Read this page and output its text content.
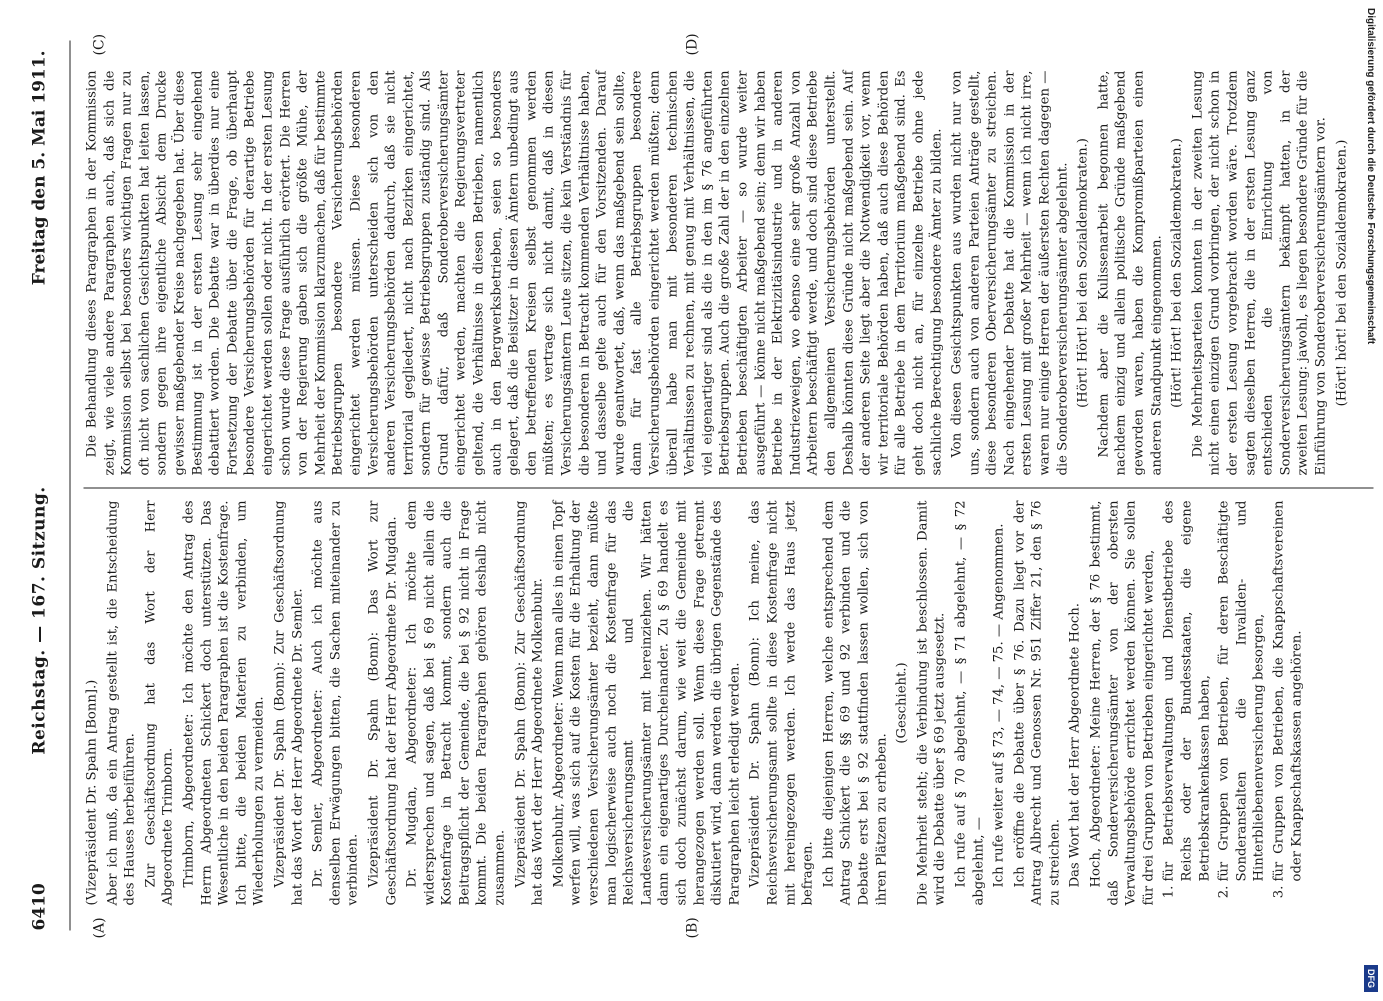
6410
Reichstag. — 167. Sitzung.
Freitag den 5. Mai 1911.
(A)	(B)
(C)	(D)

(Vizepräsident Dr. Spahn [Bonn].) Aber ich muß, da ein Antrag gestellt ist, die Entscheidung des Hauses herbeiführen. Zur Geschäftsordnung hat das Wort der Herr Abgeordnete Trimborn. Trimborn, Abgeordneter: Ich möchte den Antrag des Herrn Abgeordneten Schickert doch unterstützen. Das Wesentliche in den beiden Paragraphen ist die Kostenfrage. Ich bitte, die beiden Materien zu verbinden, um Wiederholungen zu vermeiden. Vizepräsident Dr. Spahn (Bonn): Zur Geschäftsordnung hat das Wort der Herr Abgeordnete Dr. Semler. Dr. Semler, Abgeordneter: Auch ich möchte aus denselben Erwägungen bitten, die Sachen miteinander zu verbinden. Vizepräsident Dr. Spahn (Bonn): Das Wort zur Geschäftsordnung hat der Herr Abgeordnete Dr. Mugdan. Dr. Mugdan, Abgeordneter: Ich möchte dem widersprechen und sagen, daß bei § 69 nicht allein die Kostenfrage in Betracht kommt, sondern auch die Beitragspflicht der Gemeinde, die bei § 92 nicht in Frage kommt. Die beiden Paragraphen gehören deshalb nicht zusammen. Vizepräsident Dr. Spahn (Bonn): Zur Geschäftsordnung hat das Wort der Herr Abgeordnete Molkenbuhr. Molkenbuhr, Abgeordneter: Wenn man alles in einen Topf werfen will, was sich auf die Kosten für die Erhaltung der verschiedenen Versicherungsämter bezieht, dann müßte man logischerweise auch noch die Kostenfrage für das Reichsversicherungsamt und die Landesversicherungsämter mit hereinziehen. Wir hätten dann ein eigenartiges Durcheinander. Zu § 69 handelt es sich doch zunächst darum, wie weit die Gemeinde mit herangezogen werden soll. Wenn diese Frage getrennt diskutiert wird, dann werden die übrigen Gegenstände des Paragraphen leicht erledigt werden. Vizepräsident Dr. Spahn (Bonn): Ich meine, das Reichsversicherungsamt sollte in diese Kostenfrage nicht mit hereingezogen werden. Ich werde das Haus jetzt befragen. Ich bitte diejenigen Herren, welche entsprechend dem Antrag Schickert die §§ 69 und 92 verbinden und die Debatte erst bei § 92 stattfinden lassen wollen, sich von ihren Plätzen zu erheben.

(Geschieht.) Die Mehrheit steht; die Verbindung ist beschlossen. Damit wird die Debatte über § 69 jetzt ausgesetzt. Ich rufe auf § 70 abgelehnt, — § 71 abgelehnt, — § 72 abgelehnt, — Ich rufe weiter auf § 73, — 74, — 75. — Angenommen. Ich eröffne die Debatte über § 76. Dazu liegt vor der Antrag Albrecht und Genossen Nr. 951 Ziffer 21, den § 76 zu streichen. Das Wort hat der Herr Abgeordnete Hoch. Hoch, Abgeordneter: Meine Herren, der § 76 bestimmt, daß Sonderversicherungsämter von der obersten Verwaltungsbehörde errichtet werden können. Sie sollen für drei Gruppen von Betrieben eingerichtet werden, 1. für Betriebsverwaltungen und Dienstbetriebe des Reichs oder der Bundesstaaten, die eigene Betriebskrankenkassen haben, 2. für Gruppen von Betrieben, für deren Beschäftigte Sonderanstalten die Invaliden- und Hinterbliebenenversicherung besorgen, 3. für Gruppen von Betrieben, die Knappschaftsvereinen oder Knappschaftskassen angehören.

Die Behandlung dieses Paragraphen in der Kommission zeigt, wie viele andere Paragraphen auch, daß sich die Kommission selbst bei besonders wichtigen Fragen nur zu oft nicht von sachlichen Gesichtspunkten hat leiten lassen, sondern gegen ihre eigentliche Absicht dem Drucke gewisser maßgebender Kreise nachgegeben hat. Über diese Bestimmung ist in der ersten Lesung sehr eingehend debattiert worden. Die Debatte war in überdies nur eine Fortsetzung der Debatte über die Frage, ob überhaupt besondere Versicherungsbehörden für derartige Betriebe eingerichtet werden sollen oder nicht. In der ersten Lesung schon wurde diese Frage ausführlich erörtert. Die Herren von der Regierung gaben sich die größte Mühe, der Mehrheit der Kommission klarzumachen, daß für bestimmte Betriebsgruppen besondere Versicherungsbehörden eingerichtet werden müssen. Diese besonderen Versicherungsbehörden unterscheiden sich von den anderen Versicherungsbehörden dadurch, daß sie nicht territorial gegliedert, nicht nach Bezirken eingerichtet, sondern für gewisse Betriebsgruppen zuständig sind. Als Grund dafür, daß Sonderoberversicherungsämter eingerichtet werden, machten die Regierungsvertreter geltend, die Verhältnisse in diesen Betrieben, namentlich auch in den Bergwerksbetrieben, seien so besonders gelagert, daß die Beisitzer in diesen Ämtern unbedingt aus den betreffenden Kreisen selbst genommen werden müßten; es vertrage sich nicht damit, daß in diesen Versicherungsämtern Leute sitzen, die kein Verständnis für die besonderen in Betracht kommenden Verhältnisse haben, und dasselbe gelte auch für den Vorsitzenden. Darauf wurde geantwortet, daß, wenn das maßgebend sein sollte, dann für fast alle Betriebsgruppen besondere Versicherungsbehörden eingerichtet werden müßten; denn überall habe man mit besonderen technischen Verhältnissen zu rechnen, mit genug mit Verhältnissen, die viel eigenartiger sind als die in den im § 76 angeführten Betriebsgruppen. Auch die große Zahl der in den einzelnen Betrieben beschäftigten Arbeiter — so wurde weiter ausgeführt — könne nicht maßgebend sein; denn wir haben Betriebe in der Elektrizitätsindustrie und in anderen Industriezweigen, wo ebenso eine sehr große Anzahl von Arbeitern beschäftigt werde, und doch sind diese Betriebe den allgemeinen Versicherungsbehörden unterstellt. Deshalb könnten diese Gründe nicht maßgebend sein. Auf der anderen Seite liegt aber die Notwendigkeit vor, wenn wir territoriale Behörden haben, daß auch diese Behörden für alle Betriebe in dem Territorium maßgebend sind. Es geht doch nicht an, für einzelne Betriebe ohne jede sachliche Berechtigung besondere Ämter zu bilden. Von diesen Gesichtspunkten aus wurden nicht nur von uns, sondern auch von anderen Parteien Anträge gestellt, diese besonderen Oberversicherungsämter zu streichen. Nach eingehender Debatte hat die Kommission in der ersten Lesung mit großer Mehrheit — wenn ich nicht irre, waren nur einige Herren der äußersten Rechten dagegen — die Sonderoberversicherungsämter abgelehnt. (Hört! Hört! bei den Sozialdemokraten.) Nachdem aber die Kulissenarbeit begonnen hatte, nachdem einzig und allein politische Gründe maßgebend geworden waren, haben die Kompromißparteien einen anderen Standpunkt eingenommen. (Hört! Hört! bei den Sozialdemokraten.) Die Mehrheitsparteien konnten in der zweiten Lesung nicht einen einzigen Grund vorbringen, der nicht schon in der ersten Lesung vorgebracht worden wäre. Trotzdem sagten dieselben Herren, die in der ersten Lesung ganz entschieden die Einrichtung von Sonderversicherungsämtern bekämpft hatten, in der zweiten Lesung: jawohl, es liegen besondere Gründe für die Einführung von Sonderoberversicherungsämtern vor. (Hört! hört! bei den Sozialdemokraten.) Digitalisierung gefördert durch die Deutsche Forschungsgemeinschaft
DFG
